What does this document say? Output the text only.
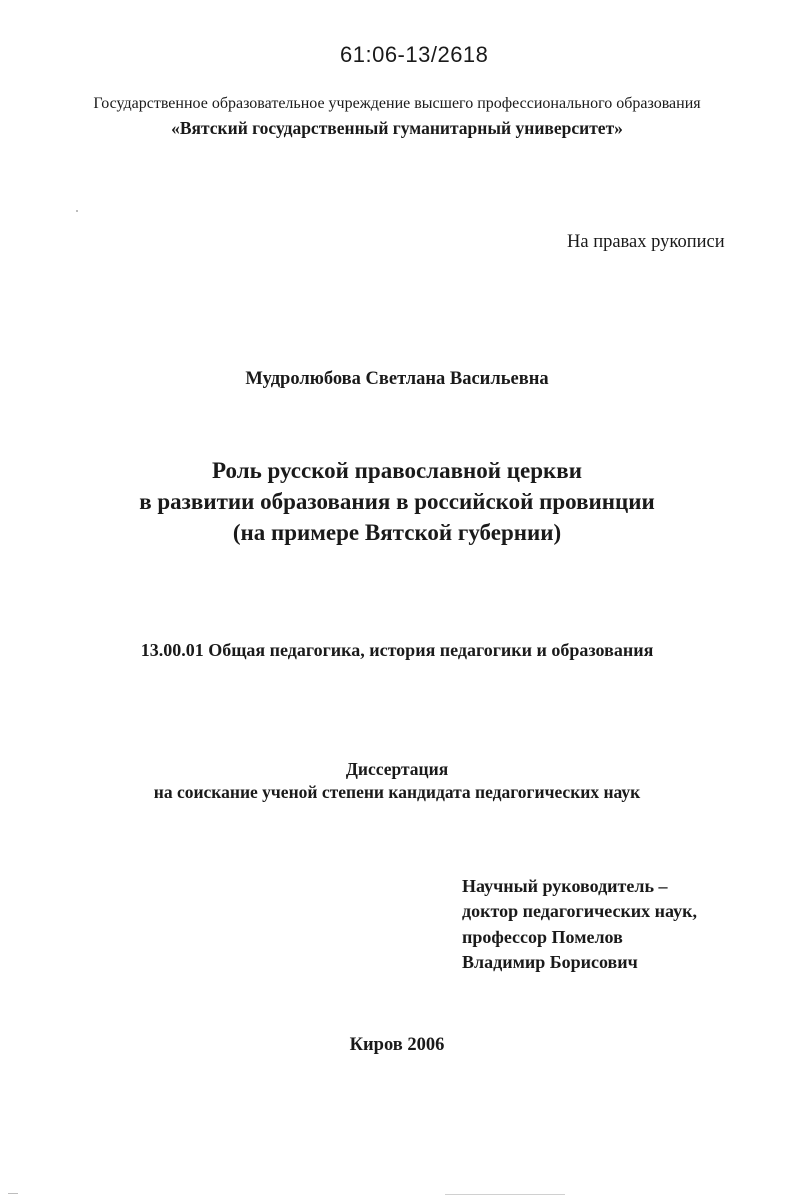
61:06-13/2618
Государственное образовательное учреждение высшего профессионального образования
«Вятский государственный гуманитарный университет»
На правах рукописи
Мудролюбова Светлана Васильевна
Роль русской православной церкви
в развитии образования в российской провинции
(на примере Вятской губернии)
13.00.01 Общая педагогика, история педагогики и образования
Диссертация
на соискание ученой степени кандидата педагогических наук
Научный руководитель –
доктор педагогических наук,
профессор Помелов
Владимир Борисович
Киров 2006
